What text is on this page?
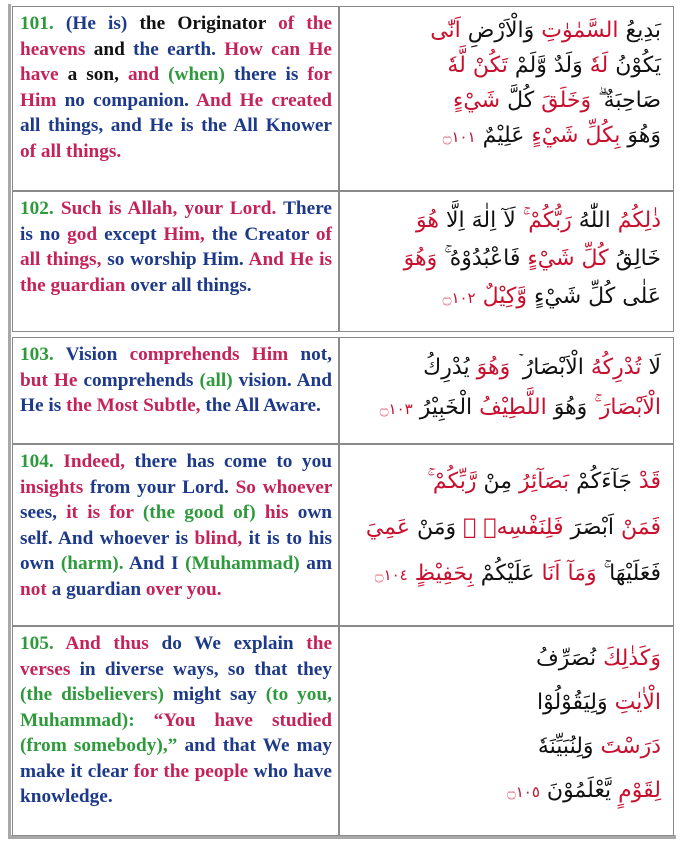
101. (He is) the Originator of the heavens and the earth. How can He have a son, and (when) there is for Him no companion. And He created all things, and He is the All Knower of all things.
بَدِيعُ السَّمٰوٰتِ وَالْاَرْضِ اَنّٰى
يَكُوْنُ لَهٗ وَلَدٌ وَّلَمْ تَكُنْ لَّهٗ
صَاحِبَةٌ ۗ وَخَلَقَ كُلَّ شَيْءٍ
وَهُوَ بِكُلِّ شَيْءٍ عَلِيْمٌ ۝١٠١
102. Such is Allah, your Lord. There is no god except Him, the Creator of all things, so worship Him. And He is the guardian over all things.
ذٰلِكُمُ اللّٰهُ رَبُّكُمْ ۚ لَآ اِلٰهَ اِلَّا هُوَ
خَالِقُ كُلِّ شَيْءٍ فَاعْبُدُوْهُ ۚ وَهُوَ
عَلٰى كُلِّ شَيْءٍ وَّكِيْلٌ ۝١٠٢
103. Vision comprehends Him not, but He comprehends (all) vision. And He is the Most Subtle, the All Aware.
لَا تُدْرِكُهُ الْاَبْصَارُ ۡ وَهُوَ يُدْرِكُ
الْاَبْصَارَ ۚ وَهُوَ اللَّطِيْفُ الْخَبِيْرُ ۝١٠٣
104. Indeed, there has come to you insights from your Lord. So whoever sees, it is for (the good of) his own self. And whoever is blind, it is to his own (harm). And I (Muhammad) am not a guardian over you.
قَدْ جَآءَكُمْ بَصَآئِرُ مِنْ رَّبِّكُمْ ۚ
فَمَنْ اَبْصَرَ فَلِنَفْسِهٖ ۚ وَمَنْ عَمِيَ
فَعَلَيْهَا ۚ وَمَآ اَنَا عَلَيْكُمْ بِحَفِيْظٍ ۝١٠٤
105. And thus do We explain the verses in diverse ways, so that they (the disbelievers) might say (to you, Muhammad): “You have studied (from somebody),” and that We may make it clear for the people who have knowledge.
وَكَذٰلِكَ نُصَرِّفُ
الْاٰيٰتِ وَلِيَقُوْلُوْا
دَرَسْتَ وَلِنُبَيِّنَهٗ
لِقَوْمٍ يَّعْلَمُوْنَ ۝١٠٥
